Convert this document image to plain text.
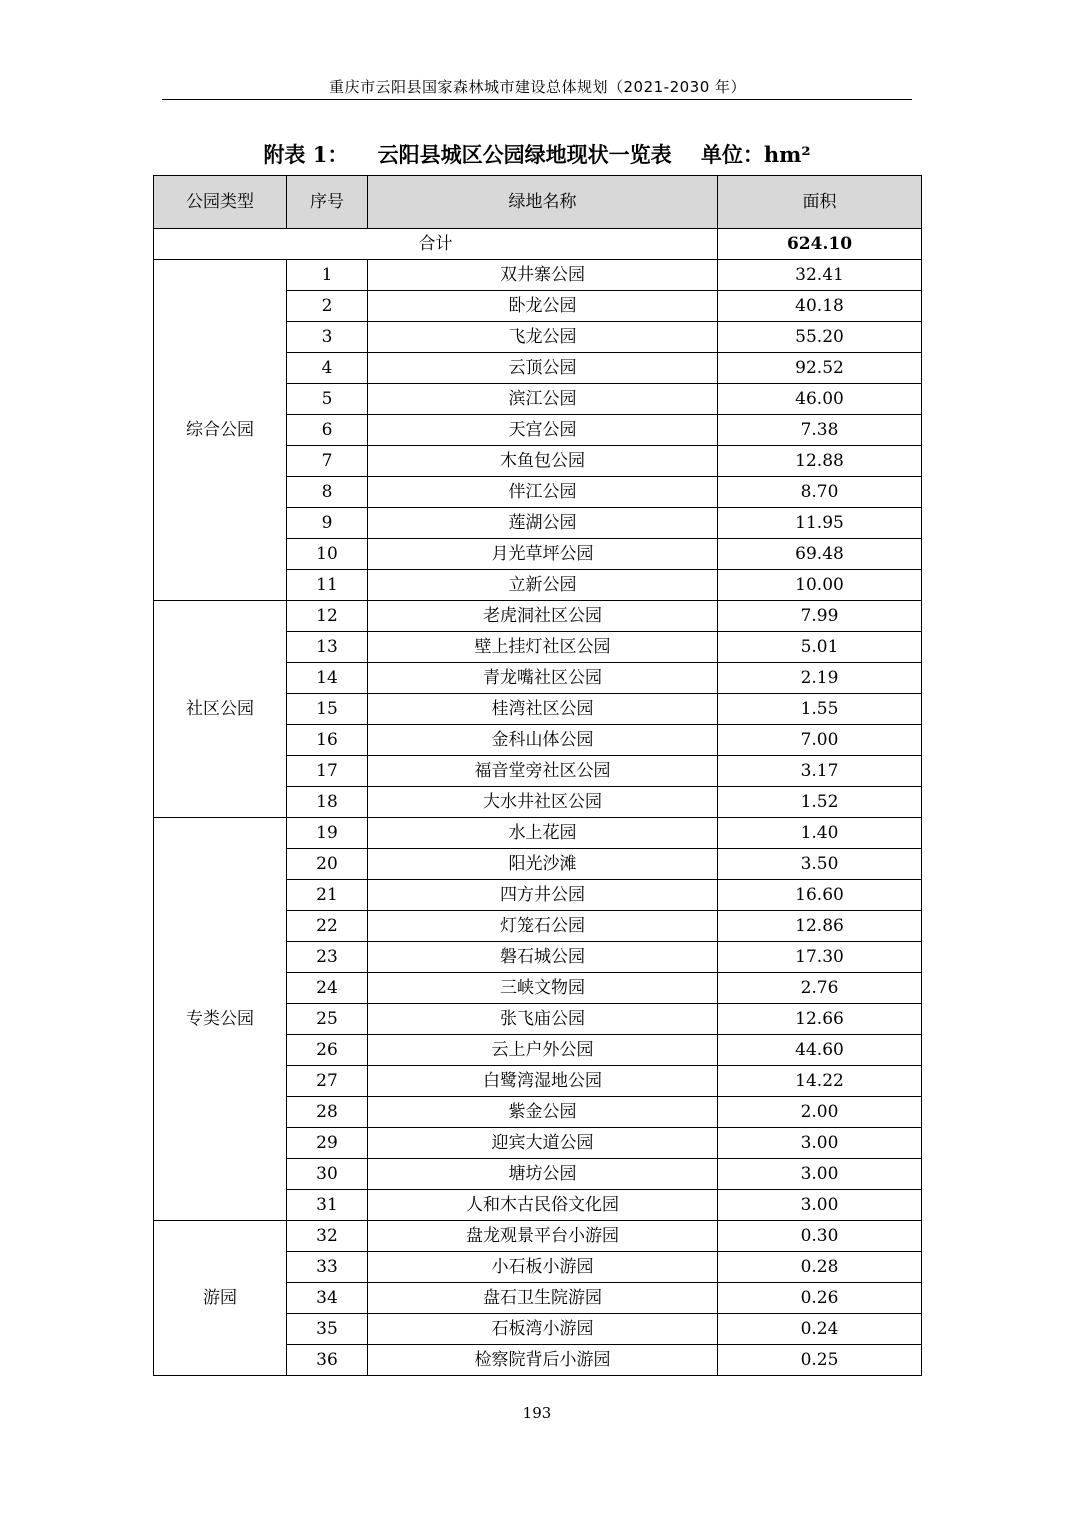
重庆市云阳县国家森林城市建设总体规划（2021-2030 年）
附表 1：    云阳县城区公园绿地现状一览表    单位：hm²
公园类型	序号	绿地名称	面积
合计			624.10
综合公园	1	双井寨公园	32.41
	2	卧龙公园	40.18
	3	飞龙公园	55.20
	4	云顶公园	92.52
	5	滨江公园	46.00
	6	天宫公园	7.38
	7	木鱼包公园	12.88
	8	伴江公园	8.70
	9	莲湖公园	11.95
	10	月光草坪公园	69.48
	11	立新公园	10.00
社区公园	12	老虎洞社区公园	7.99
	13	壁上挂灯社区公园	5.01
	14	青龙嘴社区公园	2.19
	15	桂湾社区公园	1.55
	16	金科山体公园	7.00
	17	福音堂旁社区公园	3.17
	18	大水井社区公园	1.52
专类公园	19	水上花园	1.40
	20	阳光沙滩	3.50
	21	四方井公园	16.60
	22	灯笼石公园	12.86
	23	磐石城公园	17.30
	24	三峡文物园	2.76
	25	张飞庙公园	12.66
	26	云上户外公园	44.60
	27	白鹭湾湿地公园	14.22
	28	紫金公园	2.00
	29	迎宾大道公园	3.00
	30	塘坊公园	3.00
	31	人和木古民俗文化园	3.00
游园	32	盘龙观景平台小游园	0.30
	33	小石板小游园	0.28
	34	盘石卫生院游园	0.26
	35	石板湾小游园	0.24
	36	检察院背后小游园	0.25
193
